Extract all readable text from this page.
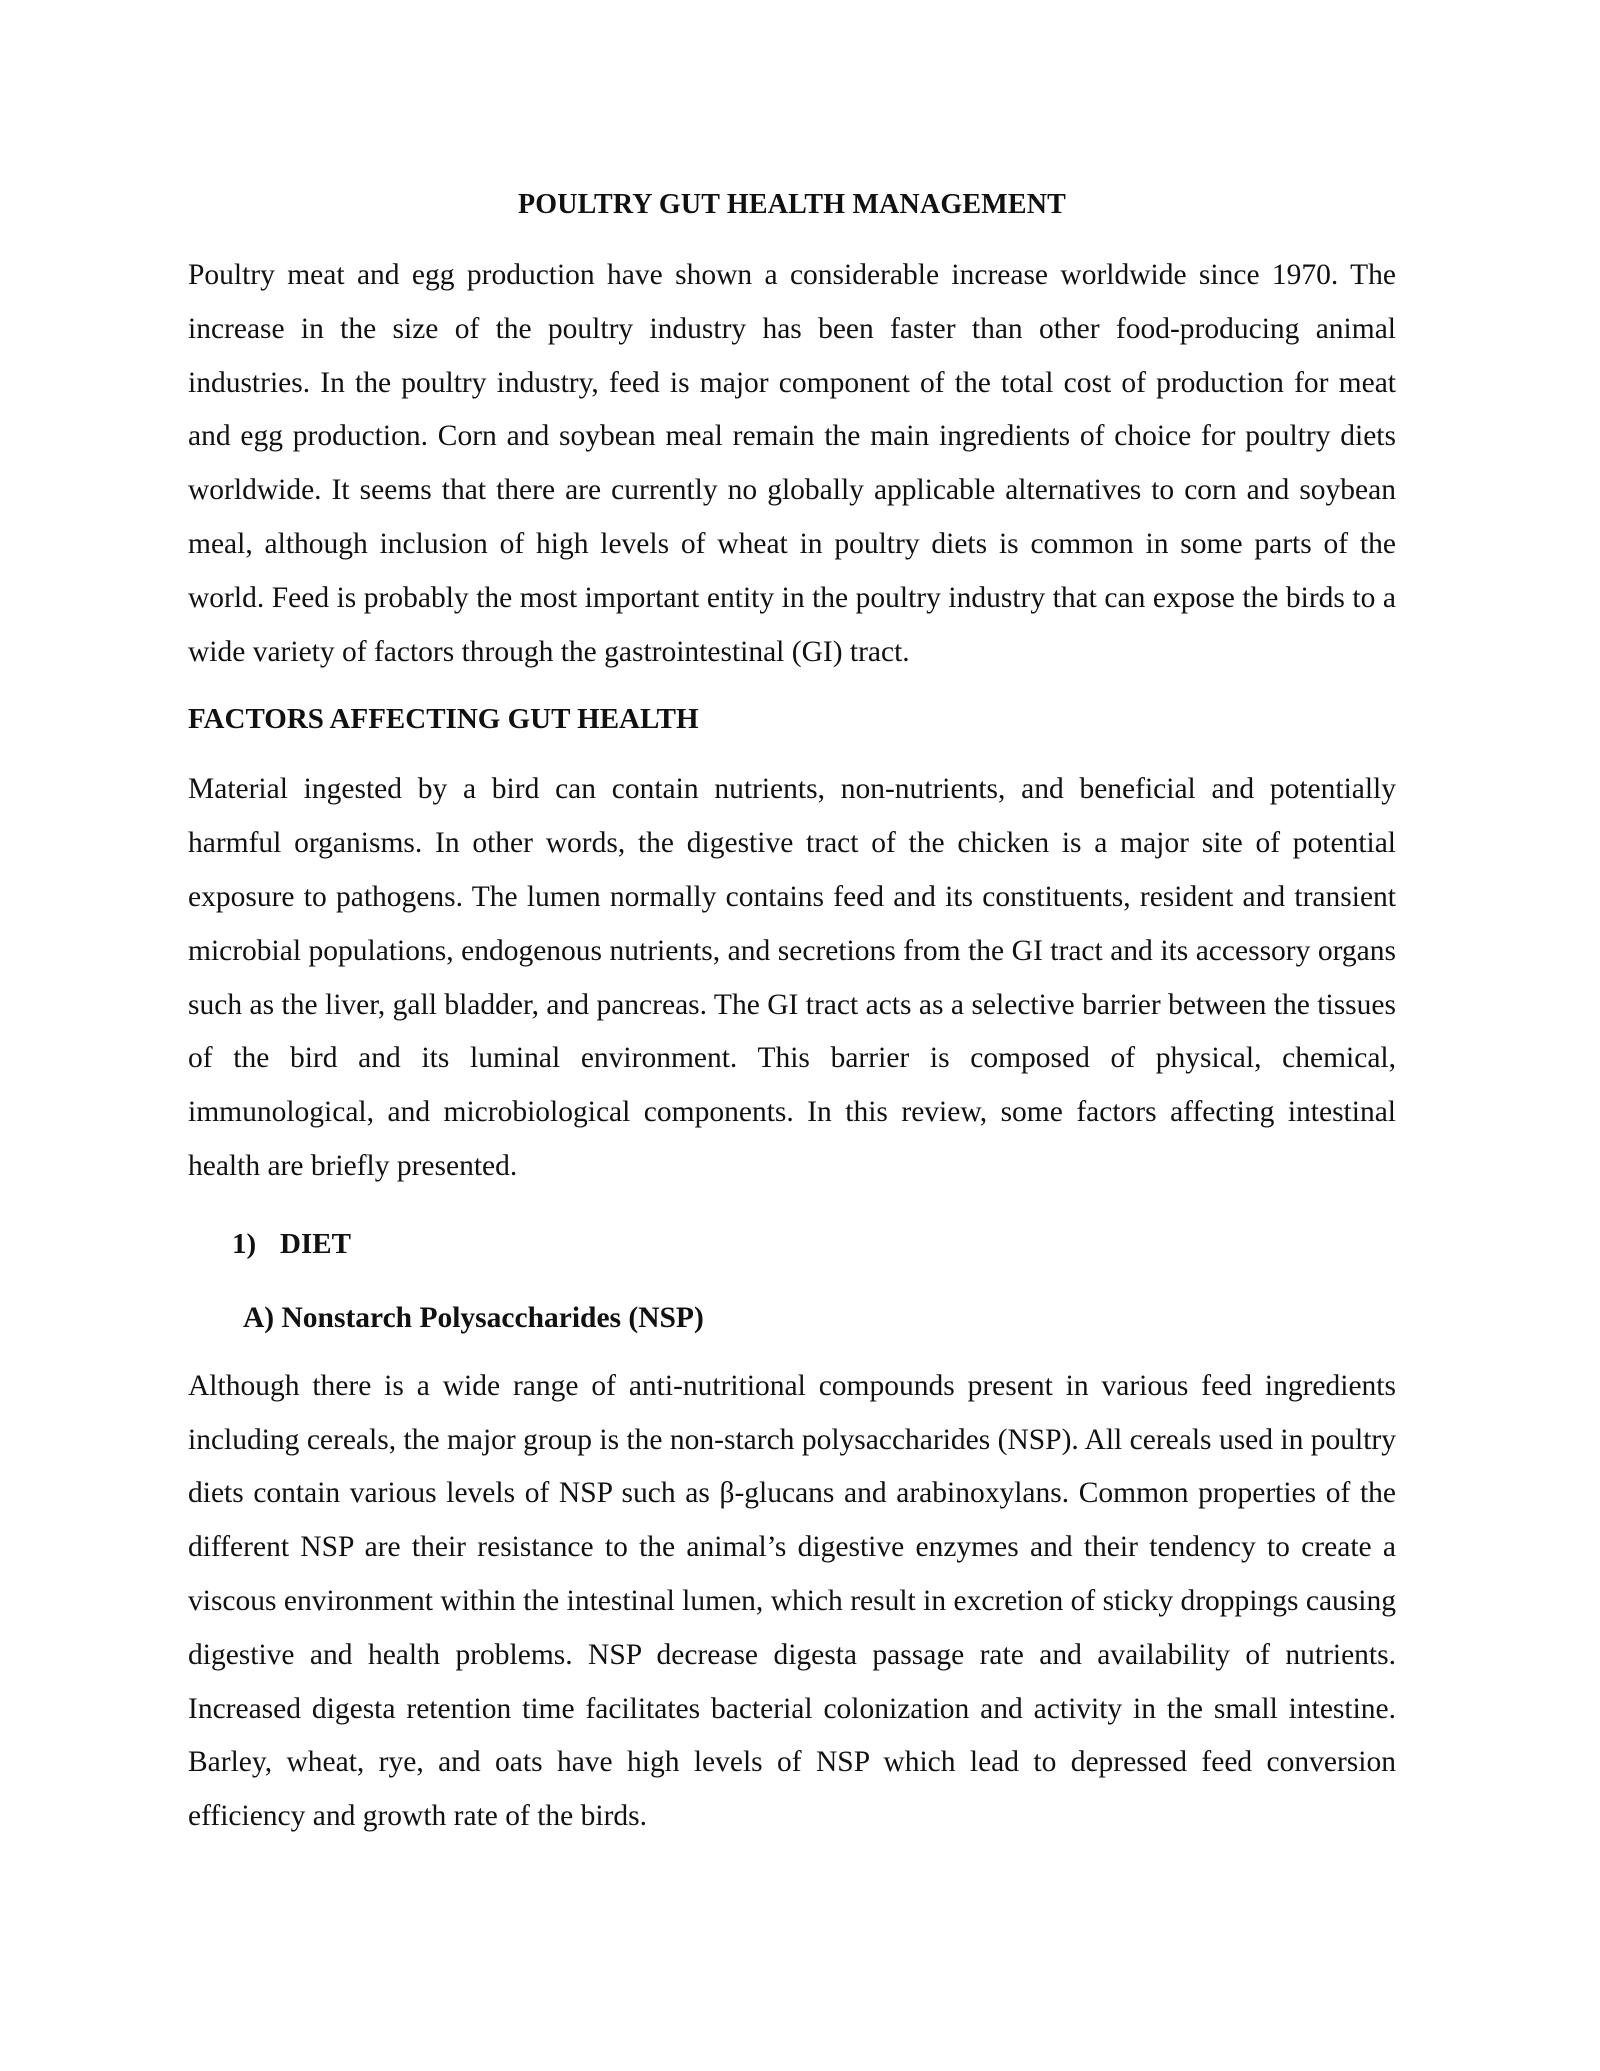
POULTRY GUT HEALTH MANAGEMENT

Poultry meat and egg production have shown a considerable increase worldwide since 1970. The increase in the size of the poultry industry has been faster than other food-producing animal industries. In the poultry industry, feed is major component of the total cost of production for meat and egg production. Corn and soybean meal remain the main ingredients of choice for poultry diets worldwide. It seems that there are currently no globally applicable alternatives to corn and soybean meal, although inclusion of high levels of wheat in poultry diets is common in some parts of the world. Feed is probably the most important entity in the poultry industry that can expose the birds to a wide variety of factors through the gastrointestinal (GI) tract.

FACTORS AFFECTING GUT HEALTH

Material ingested by a bird can contain nutrients, non-nutrients, and beneficial and potentially harmful organisms. In other words, the digestive tract of the chicken is a major site of potential exposure to pathogens. The lumen normally contains feed and its constituents, resident and transient microbial populations, endogenous nutrients, and secretions from the GI tract and its accessory organs such as the liver, gall bladder, and pancreas. The GI tract acts as a selective barrier between the tissues of the bird and its luminal environment. This barrier is composed of physical, chemical, immunological, and microbiological components. In this review, some factors affecting intestinal health are briefly presented.

1) DIET
A) Nonstarch Polysaccharides (NSP)

Although there is a wide range of anti-nutritional compounds present in various feed ingredients including cereals, the major group is the non-starch polysaccharides (NSP). All cereals used in poultry diets contain various levels of NSP such as β-glucans and arabinoxylans. Common properties of the different NSP are their resistance to the animal’s digestive enzymes and their tendency to create a viscous environment within the intestinal lumen, which result in excretion of sticky droppings causing digestive and health problems. NSP decrease digesta passage rate and availability of nutrients. Increased digesta retention time facilitates bacterial colonization and activity in the small intestine. Barley, wheat, rye, and oats have high levels of NSP which lead to depressed feed conversion efficiency and growth rate of the birds.
